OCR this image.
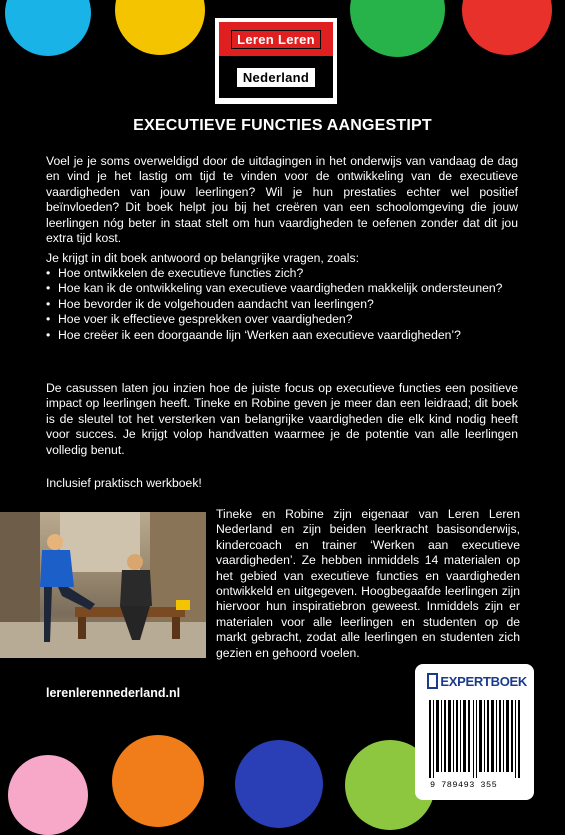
Leren Leren
Nederland
EXECUTIEVE FUNCTIES AANGESTIPT
Voel je je soms overweldigd door de uitdagingen in het onderwijs van vandaag de dag en vind je het lastig om tijd te vinden voor de ontwikkeling van de executieve vaardigheden van jouw leerlingen? Wil je hun prestaties echter wel positief beïnvloeden? Dit boek helpt jou bij het creëren van een schoolomgeving die jouw leerlingen nóg beter in staat stelt om hun vaardigheden te oefenen zonder dat dit jou extra tijd kost.
Je krijgt in dit boek antwoord op belangrijke vragen, zoals:
• Hoe ontwikkelen de executieve functies zich?
• Hoe kan ik de ontwikkeling van executieve vaardigheden makkelijk ondersteunen?
• Hoe bevorder ik de volgehouden aandacht van leerlingen?
• Hoe voer ik effectieve gesprekken over vaardigheden?
• Hoe creëer ik een doorgaande lijn ‘Werken aan executieve vaardigheden’?
De casussen laten jou inzien hoe de juiste focus op executieve functies een positieve impact op leerlingen heeft. Tineke en Robine geven je meer dan een leidraad; dit boek is de sleutel tot het versterken van belangrijke vaardigheden die elk kind nodig heeft voor succes. Je krijgt volop handvatten waarmee je de potentie van alle leerlingen volledig benut.
Inclusief praktisch werkboek!
Tineke en Robine zijn eigenaar van Leren Leren Nederland en zijn beiden leerkracht basisonderwijs, kindercoach en trainer ‘Werken aan executieve vaardigheden’. Ze hebben inmiddels 14 materialen op het gebied van executieve functies en vaardigheden ontwikkeld en uitgegeven. Hoogbegaafde leerlingen zijn hiervoor hun inspiratiebron geweest. Inmiddels zijn er materialen voor alle leerlingen en studenten op de markt gebracht, zodat alle leerlingen en studenten zich gezien en gehoord voelen.
lerenlerennederland.nl
EXPERTBOEK
9 789493 355
